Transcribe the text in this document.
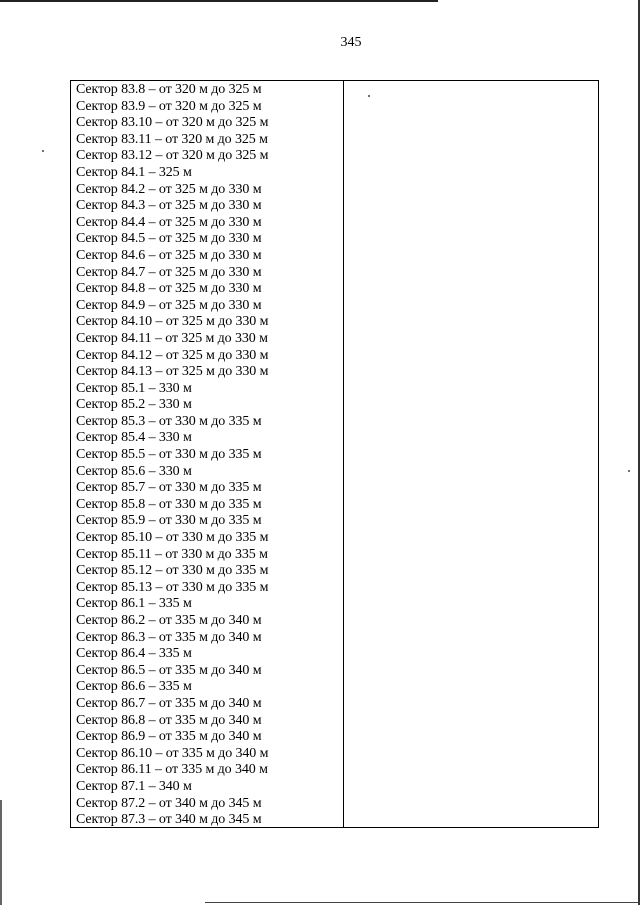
345
Сектор 83.8 – от 320 м до 325 м
Сектор 83.9 – от 320 м до 325 м
Сектор 83.10 – от 320 м до 325 м
Сектор 83.11 – от 320 м до 325 м
Сектор 83.12 – от 320 м до 325 м
Сектор 84.1 – 325 м
Сектор 84.2 – от 325 м до 330 м
Сектор 84.3 – от 325 м до 330 м
Сектор 84.4 – от 325 м до 330 м
Сектор 84.5 – от 325 м до 330 м
Сектор 84.6 – от 325 м до 330 м
Сектор 84.7 – от 325 м до 330 м
Сектор 84.8 – от 325 м до 330 м
Сектор 84.9 – от 325 м до 330 м
Сектор 84.10 – от 325 м до 330 м
Сектор 84.11 – от 325 м до 330 м
Сектор 84.12 – от 325 м до 330 м
Сектор 84.13 – от 325 м до 330 м
Сектор 85.1 – 330 м
Сектор 85.2 – 330 м
Сектор 85.3 – от 330 м до 335 м
Сектор 85.4 – 330 м
Сектор 85.5 – от 330 м до 335 м
Сектор 85.6 – 330 м
Сектор 85.7 – от 330 м до 335 м
Сектор 85.8 – от 330 м до 335 м
Сектор 85.9 – от 330 м до 335 м
Сектор 85.10 – от 330 м до 335 м
Сектор 85.11 – от 330 м до 335 м
Сектор 85.12 – от 330 м до 335 м
Сектор 85.13 – от 330 м до 335 м
Сектор 86.1 – 335 м
Сектор 86.2 – от 335 м до 340 м
Сектор 86.3 – от 335 м до 340 м
Сектор 86.4 – 335 м
Сектор 86.5 – от 335 м до 340 м
Сектор 86.6 – 335 м
Сектор 86.7 – от 335 м до 340 м
Сектор 86.8 – от 335 м до 340 м
Сектор 86.9 – от 335 м до 340 м
Сектор 86.10 – от 335 м до 340 м
Сектор 86.11 – от 335 м до 340 м
Сектор 87.1 – 340 м
Сектор 87.2 – от 340 м до 345 м
Сектор 87.3 – от 340 м до 345 м
